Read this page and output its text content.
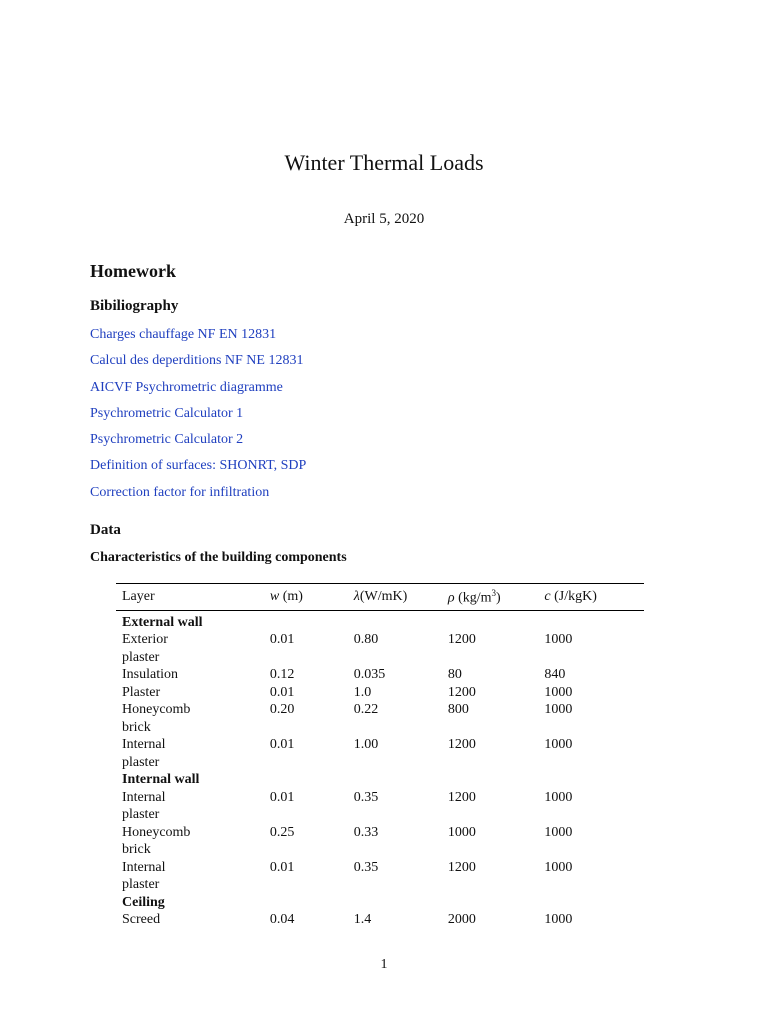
Winter Thermal Loads
April 5, 2020
Homework
Bibiliography
Charges chauffage NF EN 12831
Calcul des deperditions NF NE 12831
AICVF Psychrometric diagramme
Psychrometric Calculator 1
Psychrometric Calculator 2
Definition of surfaces: SHONRT, SDP
Correction factor for infiltration
Data
Characteristics of the building components
Layer	w (m)	λ(W/mK)	ρ $(kg/m^3)$	c (J/kgK)
External wall				

Exterior plaster	0.01	0.80	1200	1000

Insulation	0.12	0.035	80	840

Plaster	0.01	1.0	1200	1000

Honeycomb brick	0.20	0.22	800	1000

Internal plaster	0.01	1.00	1200	1000
Internal wall				

Internal plaster	0.01	0.35	1200	1000

Honeycomb brick	0.25	0.33	1000	1000

Internal plaster	0.01	0.35	1200	1000
Ceiling				

Screed	0.04	1.4	2000	1000
1
